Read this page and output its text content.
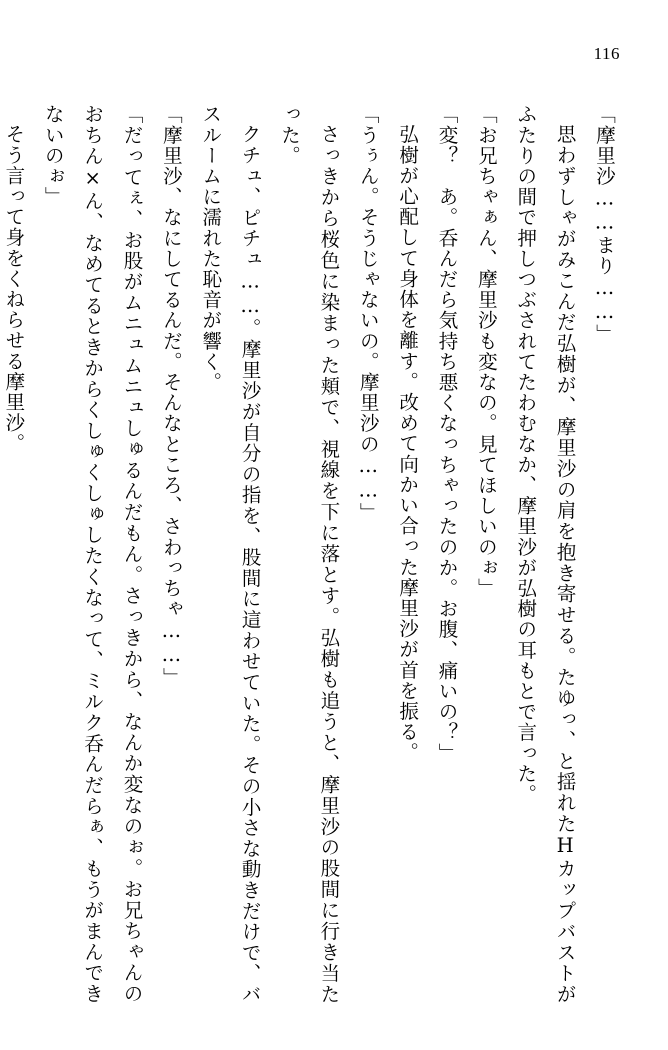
116

「摩里沙……まり……」

思わずしゃがみこんだ弘樹が、摩里沙の肩を抱き寄せる。たゆっ、と揺れたHカップバストがふたりの間で押しつぶされてたわむなか、摩里沙が弘樹の耳もとで言った。

「お兄ちゃぁん、摩里沙も変なの。見てほしいのぉ」

「変？　あ。呑んだら気持ち悪くなっちゃったのか。お腹、痛いの？」

弘樹が心配して身体を離す。改めて向かい合った摩里沙が首を振る。

「うぅん。そうじゃないの。摩里沙の……」

さっきから桜色に染まった頬で、視線を下に落とす。弘樹も追うと、摩里沙の股間に行き当たった。

クチュ、ピチュ……。摩里沙が自分の指を、股間に這わせていた。その小さな動きだけで、バスルームに濡れた恥音が響く。

「摩里沙、なにしてるんだ。そんなところ、さわっちゃ……」

「だってぇ、お股がムニュムニュしゅるんだもん。さっきから、なんか変なのぉ。お兄ちゃんのおちん×ん、なめてるときからくしゅくしゅしたくなって、ミルク呑んだらぁ、もうがまんできないのぉ」

そう言って身をくねらせる摩里沙。
